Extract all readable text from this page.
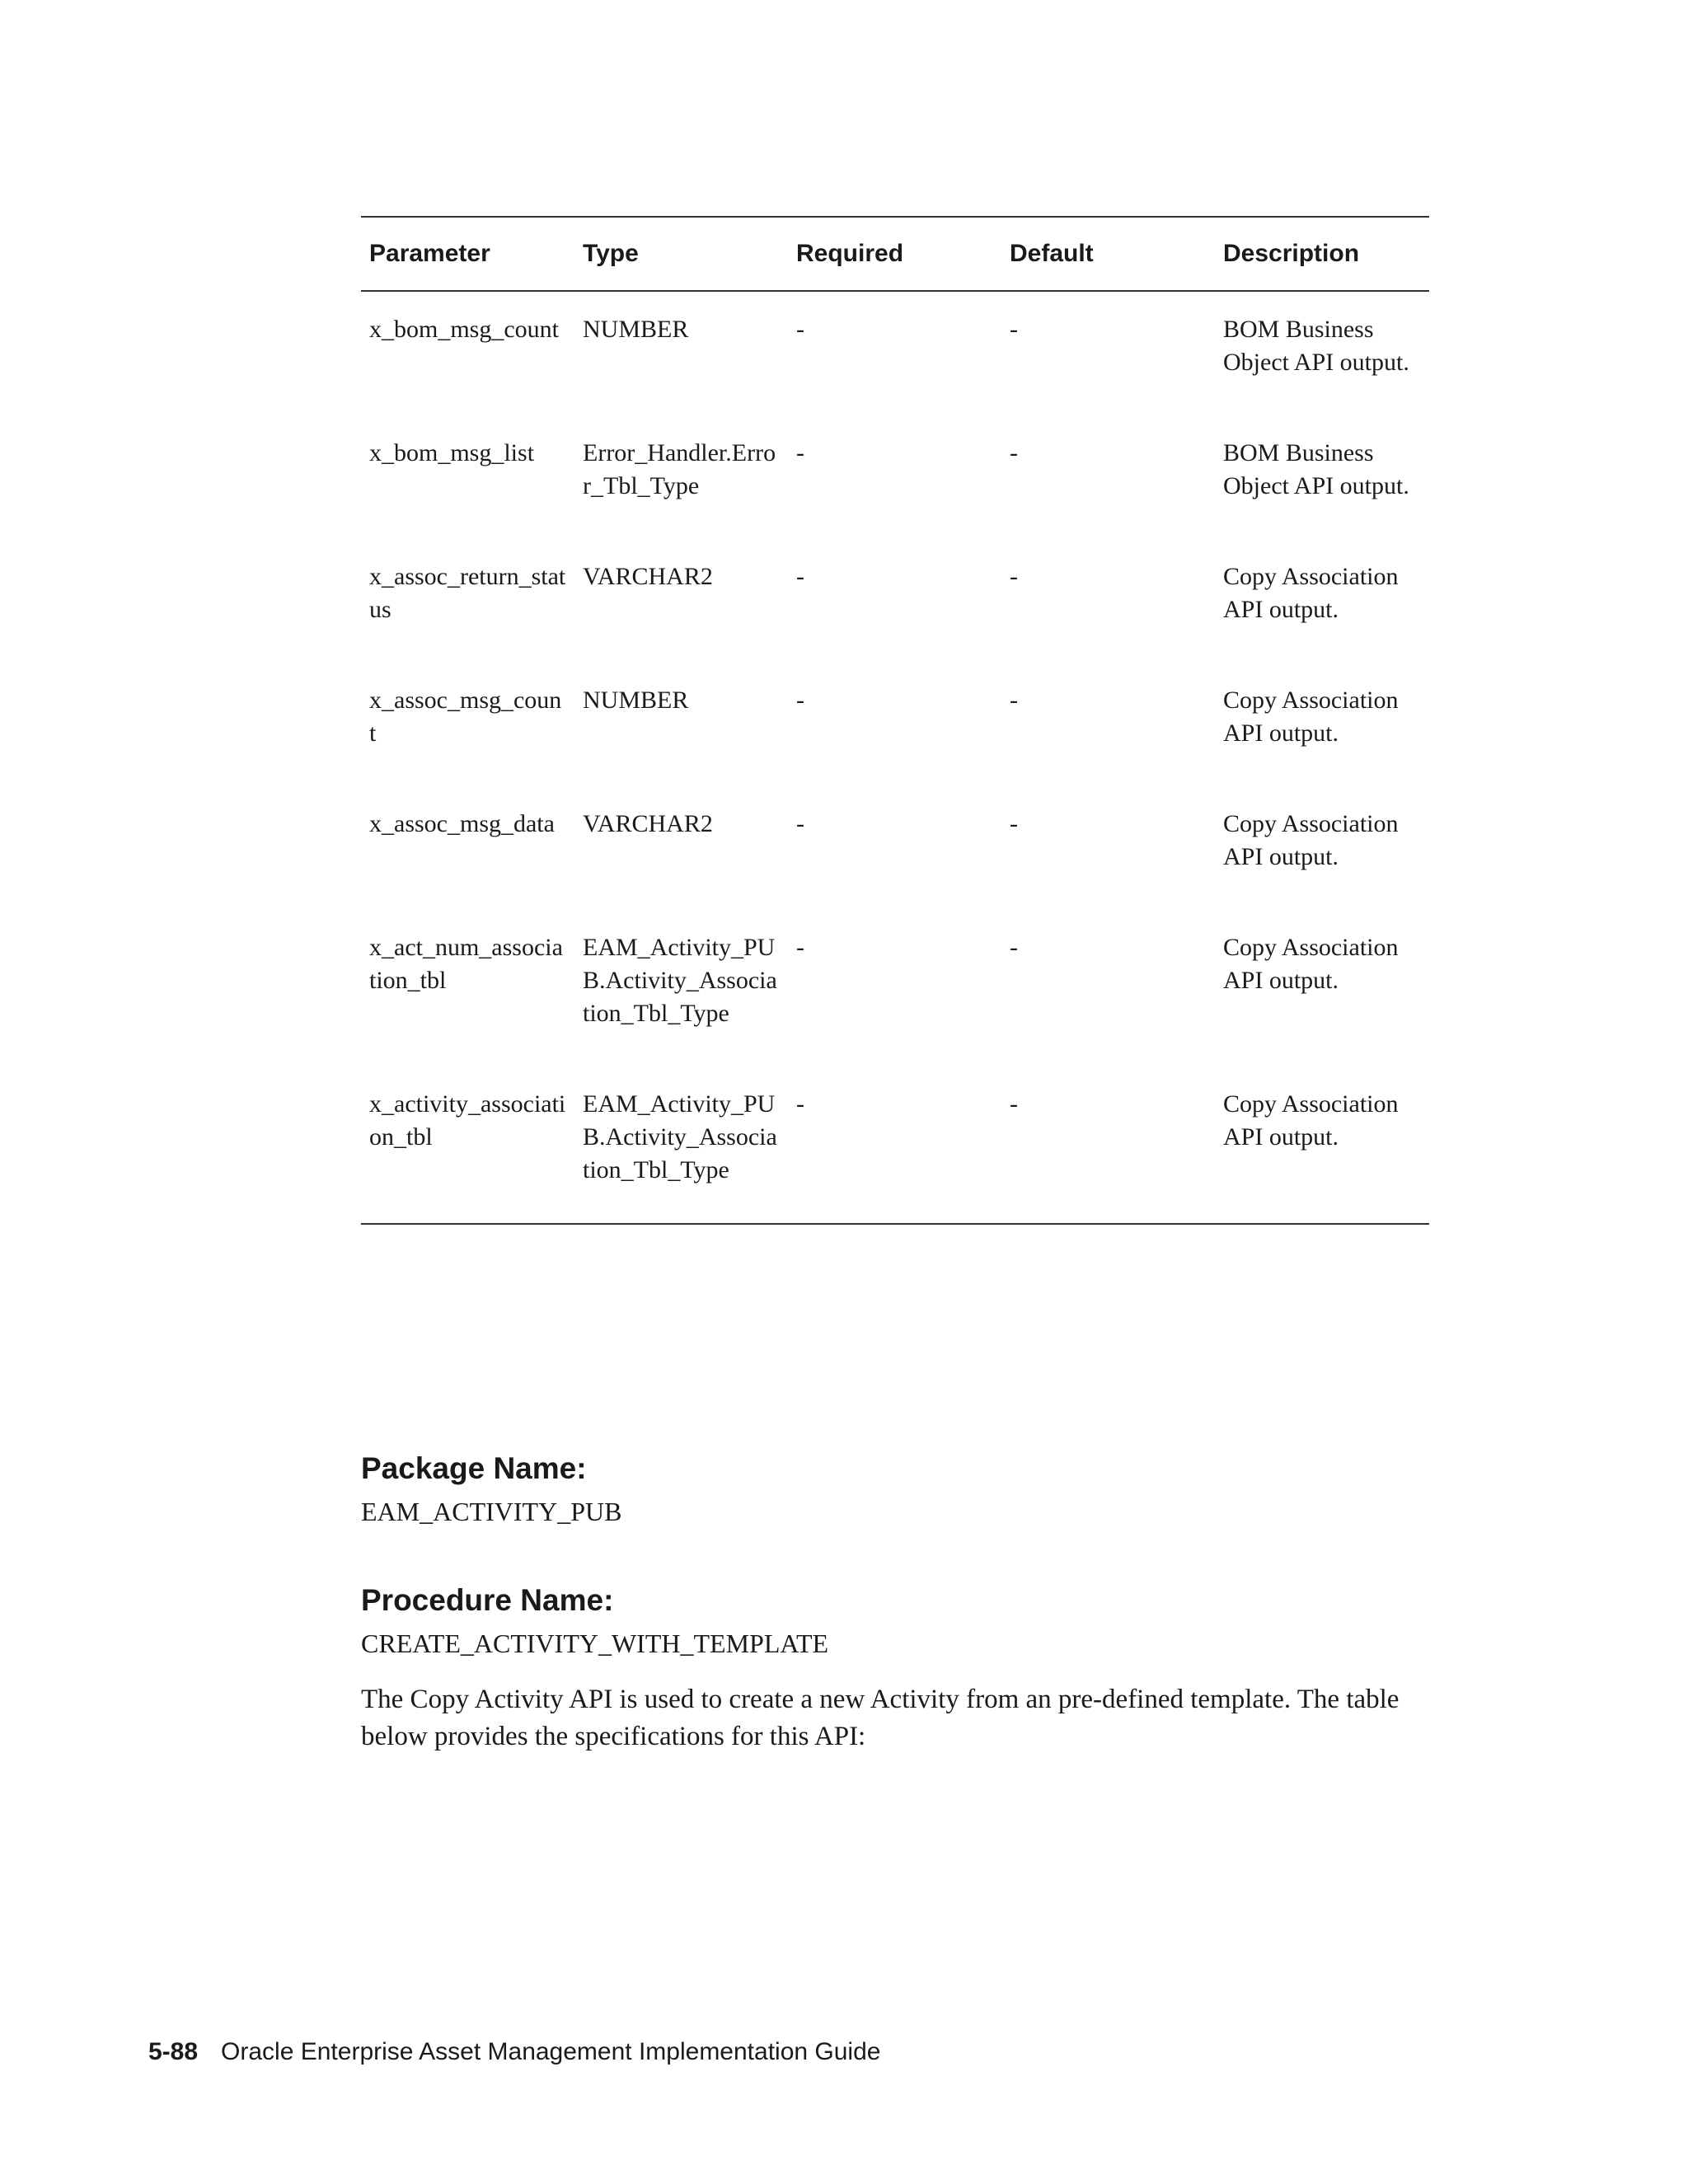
Parameter	Type	Required	Default	Description
x_bom_msg_count	NUMBER	-	-	BOM Business Object API output.
x_bom_msg_list	Error_Handler.Error_Tbl_Type	-	-	BOM Business Object API output.
x_assoc_return_status	VARCHAR2	-	-	Copy Association API output.
x_assoc_msg_count	NUMBER	-	-	Copy Association API output.
x_assoc_msg_data	VARCHAR2	-	-	Copy Association API output.
x_act_num_association_tbl	EAM_Activity_PUB.Activity_Association_Tbl_Type	-	-	Copy Association API output.
x_activity_association_tbl	EAM_Activity_PUB.Activity_Association_Tbl_Type	-	-	Copy Association API output.
Package Name:

EAM_ACTIVITY_PUB

Procedure Name:

CREATE_ACTIVITY_WITH_TEMPLATE

The Copy Activity API is used to create a new Activity from an pre-defined template. The table below provides the specifications for this API:

5-88 Oracle Enterprise Asset Management Implementation Guide
